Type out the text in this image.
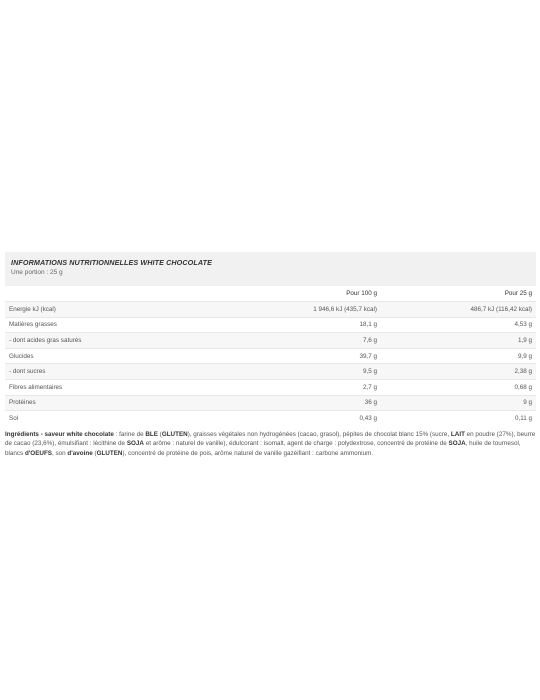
INFORMATIONS NUTRITIONNELLES WHITE CHOCOLATE
Une portion : 25 g
	Pour 100 g	Pour 25 g
Energie kJ (kcal)	1 946,6 kJ (435,7 kcal)	486,7 kJ (116,42 kcal)
Matières grasses	18,1 g	4,53 g
- dont acides gras saturés	7,6 g	1,9 g
Glucides	39,7 g	9,9 g
- dont sucres	9,5 g	2,38 g
Fibres alimentaires	2,7 g	0,68 g
Protéines	36 g	9 g
Sol	0,43 g	0,11 g
Ingrédients - saveur white chocolate : farine de BLE (GLUTEN), graisses végétales non hydrogénées (cacao, grasol), pépites de chocolat blanc 15% (sucre, LAIT en poudre (27%), beurre de cacao (23,6%), émulsifiant : lécithine de SOJA et arôme : naturel de vanille), édulcorant : isomalt, agent de charge : polydextrose, concentré de protéine de SOJA, huile de tournesol, blancs d'OEUFS, son d'avoine (GLUTEN), concentré de protéine de pois, arôme naturel de vanille gazéifiant : carbone ammonium.
